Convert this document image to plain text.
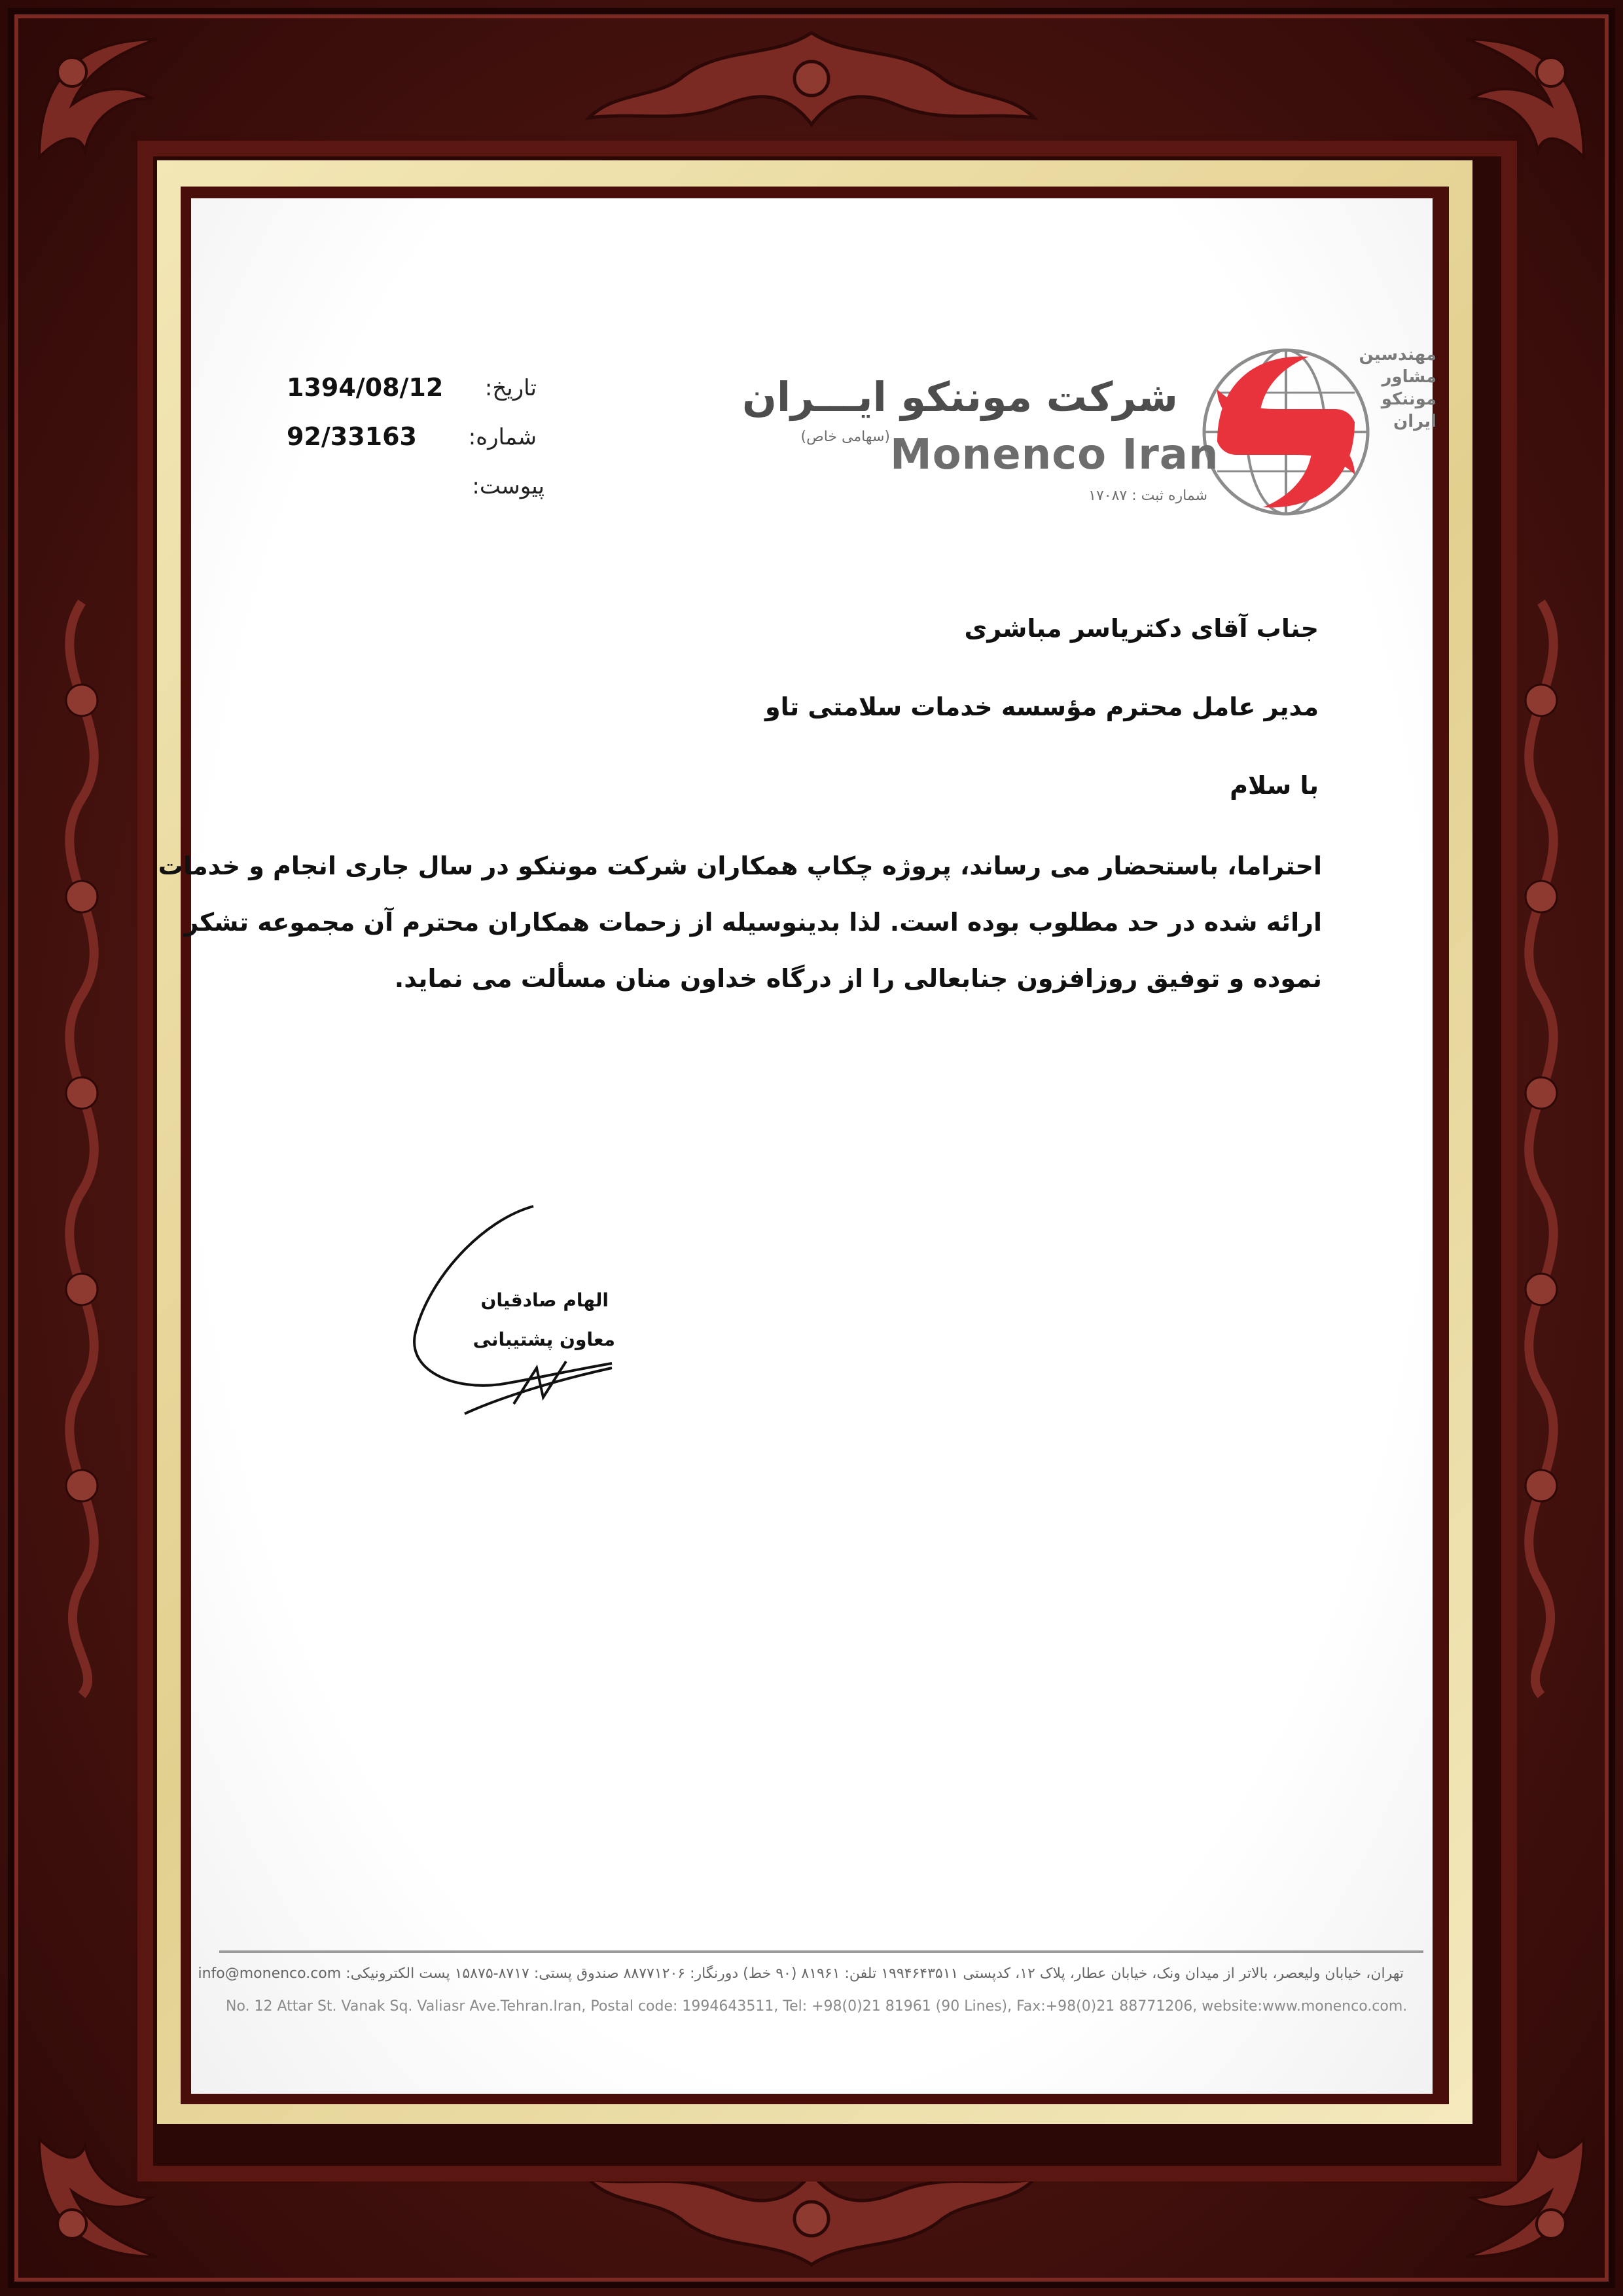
مهندسین
مشاور
موننکو
ایران
شرکت موننکو ایـــران
(سهامی خاص) Monenco Iran
شماره ثبت : ۱۷۰۸۷
تاریخ:
1394/08/12
شماره:
92/33163
پیوست:
جناب آقای دکتریاسر مباشری
مدیر عامل محترم مؤسسه خدمات سلامتی تاو
با سلام
احتراما، باستحضار می رساند، پروژه چکاپ همکاران شرکت موننکو در سال جاری انجام و خدمات
ارائه شده در حد مطلوب بوده است. لذا بدینوسیله از زحمات همکاران محترم آن مجموعه تشکر
نموده و توفیق روزافزون جنابعالی را از درگاه خداون منان مسألت می نماید.
الهام صادقیان
معاون پشتیبانی
تهران، خیابان ولیعصر، بالاتر از میدان ونک، خیابان عطار، پلاک ۱۲، کدپستی ۱۹۹۴۶۴۳۵۱۱ تلفن: ۸۱۹۶۱ (۹۰ خط) دورنگار: ۸۸۷۷۱۲۰۶ صندوق پستی: ۸۷۱۷-۱۵۸۷۵ پست الکترونیکی: info@monenco.com
No. 12 Attar St. Vanak Sq. Valiasr Ave.Tehran.Iran, Postal code: 1994643511, Tel: +98(0)21 81961 (90 Lines), Fax:+98(0)21 88771206, website:www.monenco.com.
